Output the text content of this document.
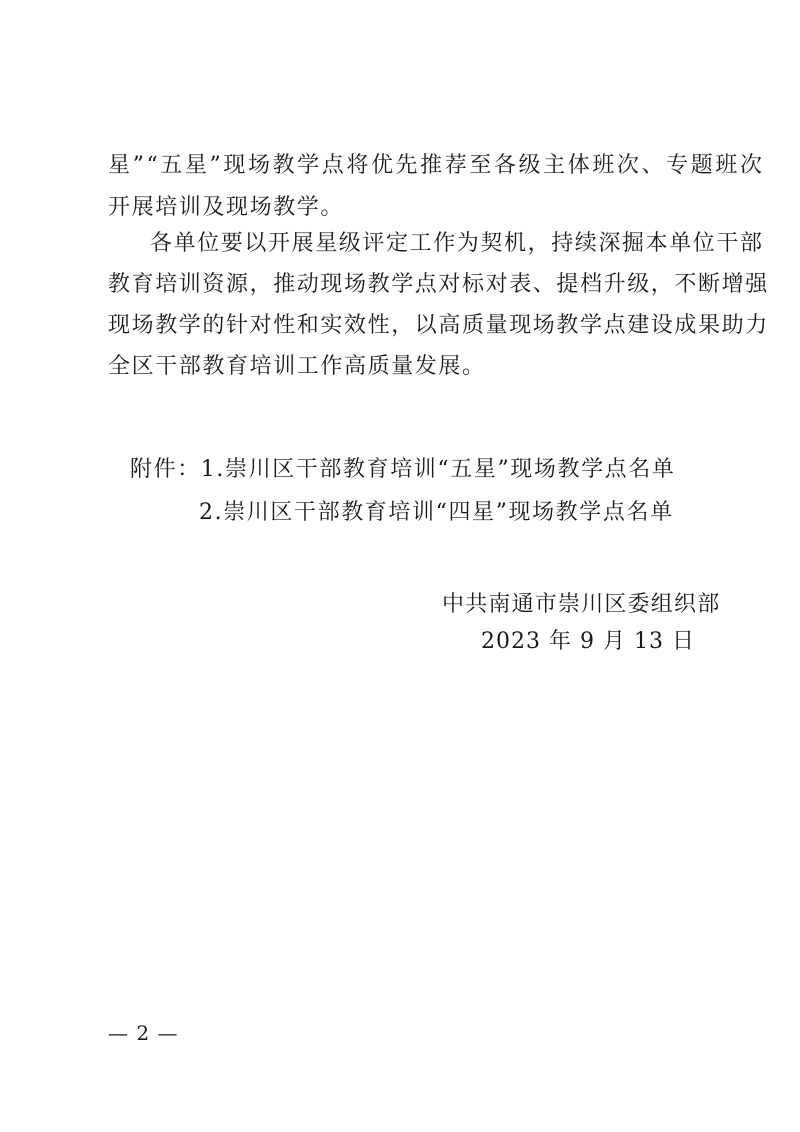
星”“五星”现场教学点将优先推荐至各级主体班次、专题班次
开展培训及现场教学。
各单位要以开展星级评定工作为契机，持续深掘本单位干部
教育培训资源，推动现场教学点对标对表、提档升级，不断增强
现场教学的针对性和实效性，以高质量现场教学点建设成果助力
全区干部教育培训工作高质量发展。
附件：1.崇川区干部教育培训“五星”现场教学点名单
2.崇川区干部教育培训“四星”现场教学点名单
中共南通市崇川区委组织部
2023 年 9 月 13 日
— 2 —
